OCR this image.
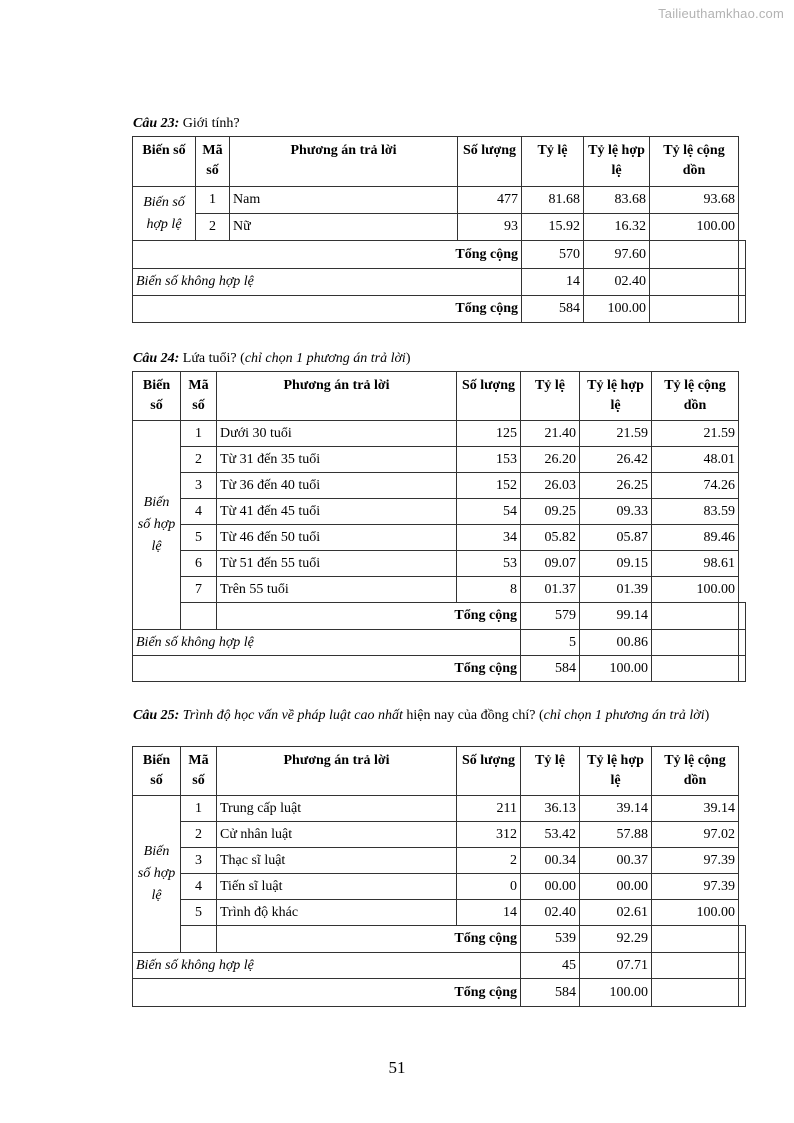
Tailieuthamkhao.com
Câu 23: Giới tính?
Biến số	Mã số	Phương án trả lời	Số lượng	Tỷ lệ	Tỷ lệ hợp lệ	Tỷ lệ cộng dồn	
Biến số hợp lệ	1	Nam	477	81.68	83.68	93.68	
	2	Nữ	93	15.92	16.32	100.00	
Tổng cộng				570	97.60		
Biến số không hợp lệ				14	02.40		
Tổng cộng				584	100.00		
Câu 24: Lứa tuổi? (chỉ chọn 1 phương án trả lời)
Biến số	Mã số	Phương án trả lời	Số lượng	Tỷ lệ	Tỷ lệ hợp lệ	Tỷ lệ cộng dồn	
Biến số hợp lệ	1	Dưới 30 tuổi	125	21.40	21.59	21.59	
	2	Từ 31 đến 35 tuổi	153	26.20	26.42	48.01	
	3	Từ 36 đến 40 tuổi	152	26.03	26.25	74.26	
	4	Từ 41 đến 45 tuổi	54	09.25	09.33	83.59	
	5	Từ 46 đến 50 tuổi	34	05.82	05.87	89.46	
	6	Từ 51 đến 55 tuổi	53	09.07	09.15	98.61	
	7	Trên 55 tuổi	8	01.37	01.39	100.00	
		Tổng cộng		579	99.14		
Biến số không hợp lệ				5	00.86		
Tổng cộng				584	100.00		
Câu 25: Trình độ học vấn về pháp luật cao nhất hiện nay của đồng chí? (chỉ chọn 1 phương án trả lời)
Biến số	Mã số	Phương án trả lời	Số lượng	Tỷ lệ	Tỷ lệ hợp lệ	Tỷ lệ cộng dồn	
Biến số hợp lệ	1	Trung cấp luật	211	36.13	39.14	39.14	
	2	Cử nhân luật	312	53.42	57.88	97.02	
	3	Thạc sĩ luật	2	00.34	00.37	97.39	
	4	Tiến sĩ luật	0	00.00	00.00	97.39	
	5	Trình độ khác	14	02.40	02.61	100.00	
		Tổng cộng		539	92.29		
Biến số không hợp lệ				45	07.71		
Tổng cộng				584	100.00		
51
